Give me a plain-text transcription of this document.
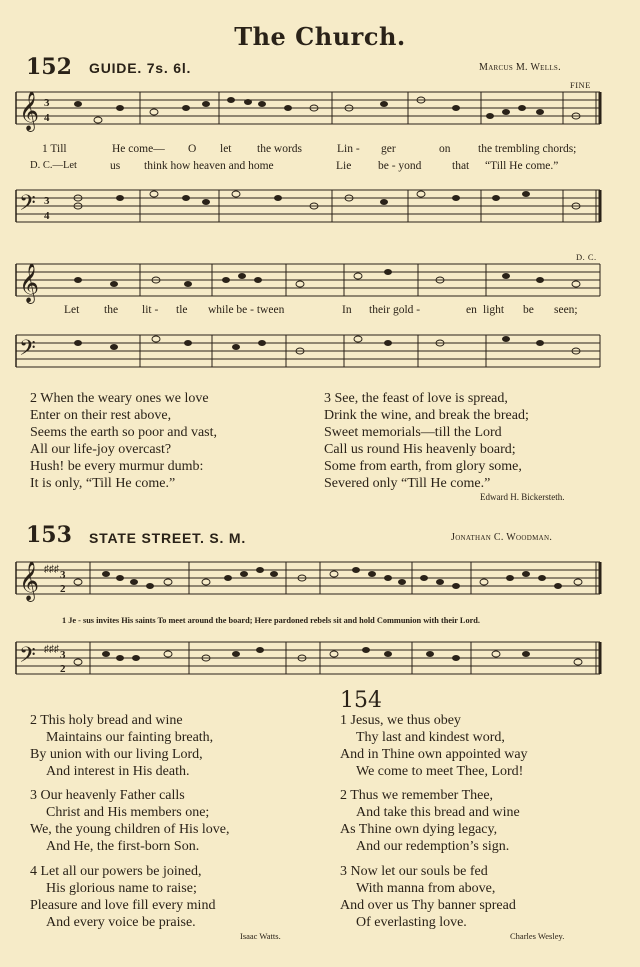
The Church.
152 GUIDE. 7s. 6l.	Marcus M. Wells.
FINE
𝄞 3
4
1 Till	He come— O let the words	Lin - ger	on the trembling chords;
D. C.—Let	us think how heaven and home	Lie be - yond	that “Till He come.”
𝄢 3
4
D. C.
𝄞
Let the lit - tle while be - tween	In their gold -	en light be seen;
𝄢
2 When the weary ones we love
Enter on their rest above,
Seems the earth so poor and vast,
All our life-joy overcast?
Hush! be every murmur dumb:
It is only, “Till He come.”
3 See, the feast of love is spread,
Drink the wine, and break the bread;
Sweet memorials—till the Lord
Call us round His heavenly board;
Some from earth, from glory some,
Severed only “Till He come.”
Edward H. Bickersteth.
153 STATE STREET. S. M.	Jonathan C. Woodman.
𝄞 ♯♯♯ 3
2
1 Je - sus invites His saints To meet around the board; Here pardoned rebels sit and hold Communion with their Lord.
𝄢 ♯♯♯ 3
2
154
2 This holy bread and wine
Maintains our fainting breath,
By union with our living Lord,
And interest in His death.
3 Our heavenly Father calls
Christ and His members one;
We, the young children of His love,
And He, the first-born Son.
4 Let all our powers be joined,
His glorious name to raise;
Pleasure and love fill every mind
And every voice be praise.
Isaac Watts.
1 Jesus, we thus obey
Thy last and kindest word,
And in Thine own appointed way
We come to meet Thee, Lord!
2 Thus we remember Thee,
And take this bread and wine
As Thine own dying legacy,
And our redemption’s sign.
3 Now let our souls be fed
With manna from above,
And over us Thy banner spread
Of everlasting love.
Charles Wesley.
